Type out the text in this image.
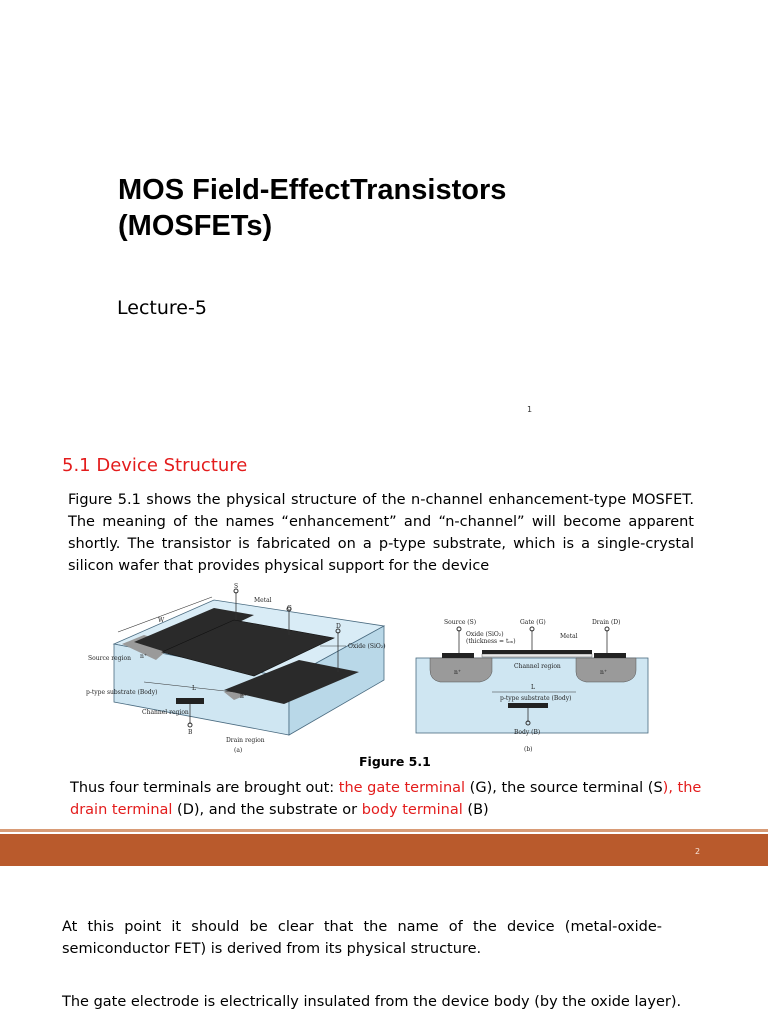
MOS Field-EffectTransistors
(MOSFETs)
Lecture-5
1
5.1 Device Structure

Figure 5.1 shows the physical structure of the n-channel enhancement-type MOSFET. The meaning of the names “enhancement” and “n-channel” will become apparent shortly. The transistor is fabricated on a p-type substrate, which is a single-crystal silicon wafer that provides physical support for the device

S
Metal
G
D
Oxide (SiO₂)
W
Source region n⁺
n⁺
L
p-type substrate (Body)
Channel region
B
Drain region
(a)
Source (S)	Gate (G)	Drain (D)
Oxide (SiO₂)
(thickness = tₒₓ)
Metal
Channel region
n⁺	n⁺
L
p-type substrate (Body)
Body (B)
(b)
Figure 5.1

Thus four terminals are brought out: the gate terminal (G), the source terminal (S), the drain terminal (D), and the substrate or body terminal (B)

2

At this point it should be clear that the name of the device (metal-oxide-semiconductor FET) is derived from its physical structure.

The gate electrode is electrically insulated from the device body (by the oxide layer).
